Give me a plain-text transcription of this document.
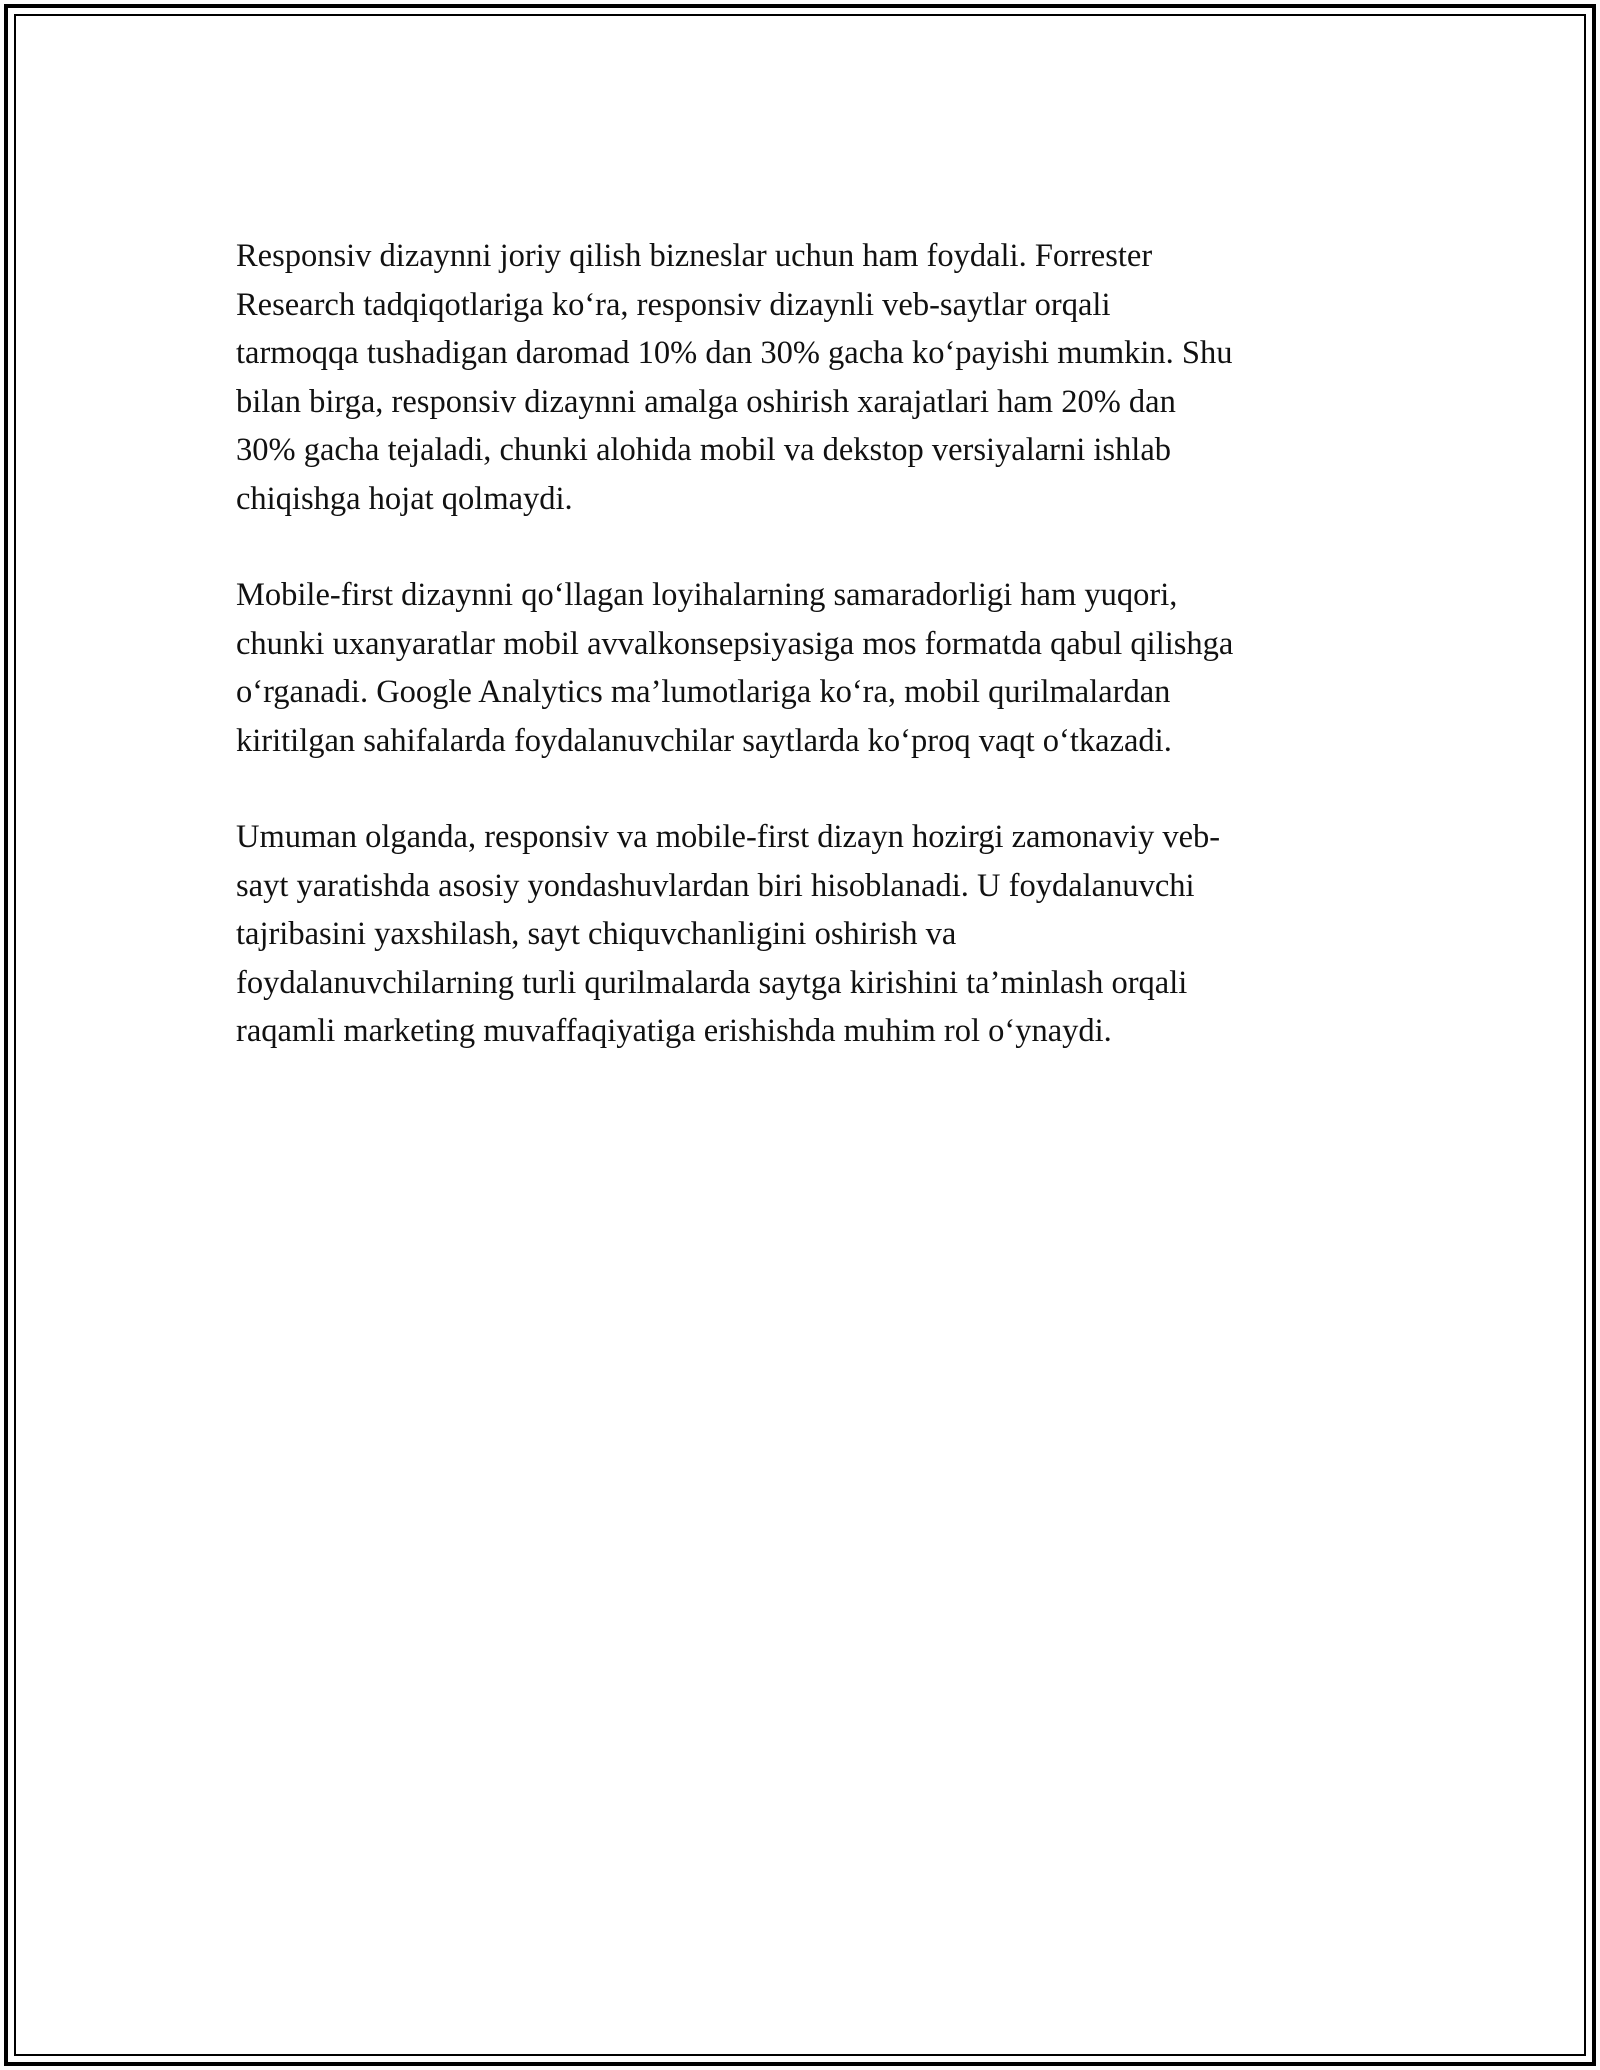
Responsiv dizaynni joriy qilish bizneslar uchun ham foydali. Forrester
Research tadqiqotlariga ko‘ra, responsiv dizaynli veb-saytlar orqali
tarmoqqa tushadigan daromad 10% dan 30% gacha ko‘payishi mumkin. Shu
bilan birga, responsiv dizaynni amalga oshirish xarajatlari ham 20% dan
30% gacha tejaladi, chunki alohida mobil va dekstop versiyalarni ishlab
chiqishga hojat qolmaydi.

Mobile-first dizaynni qo‘llagan loyihalarning samaradorligi ham yuqori,
chunki uxanyaratlar mobil avvalkonsepsiyasiga mos formatda qabul qilishga
o‘rganadi. Google Analytics ma’lumotlariga ko‘ra, mobil qurilmalardan
kiritilgan sahifalarda foydalanuvchilar saytlarda ko‘proq vaqt o‘tkazadi.

Umuman olganda, responsiv va mobile-first dizayn hozirgi zamonaviy veb-
sayt yaratishda asosiy yondashuvlardan biri hisoblanadi. U foydalanuvchi
tajribasini yaxshilash, sayt chiquvchanligini oshirish va
foydalanuvchilarning turli qurilmalarda saytga kirishini ta’minlash orqali
raqamli marketing muvaffaqiyatiga erishishda muhim rol o‘ynaydi.
